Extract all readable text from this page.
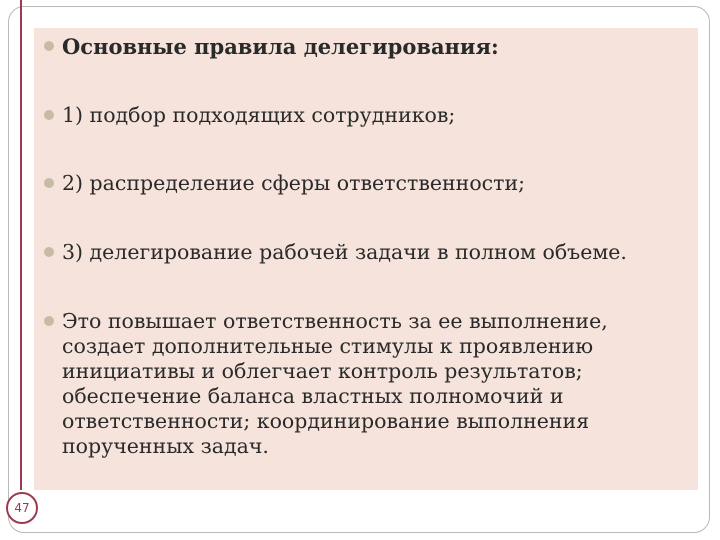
Основные правила делегирования:
1) подбор подходящих сотрудников;
2) распределение сферы ответственности;
3) делегирование рабочей задачи в полном объеме.
Это повышает ответственность за ее выполнение,
создает дополнительные стимулы к проявлению
инициативы и облегчает контроль результатов;
обеспечение баланса властных полномочий и
ответственности; координирование выполнения
порученных задач.
47
